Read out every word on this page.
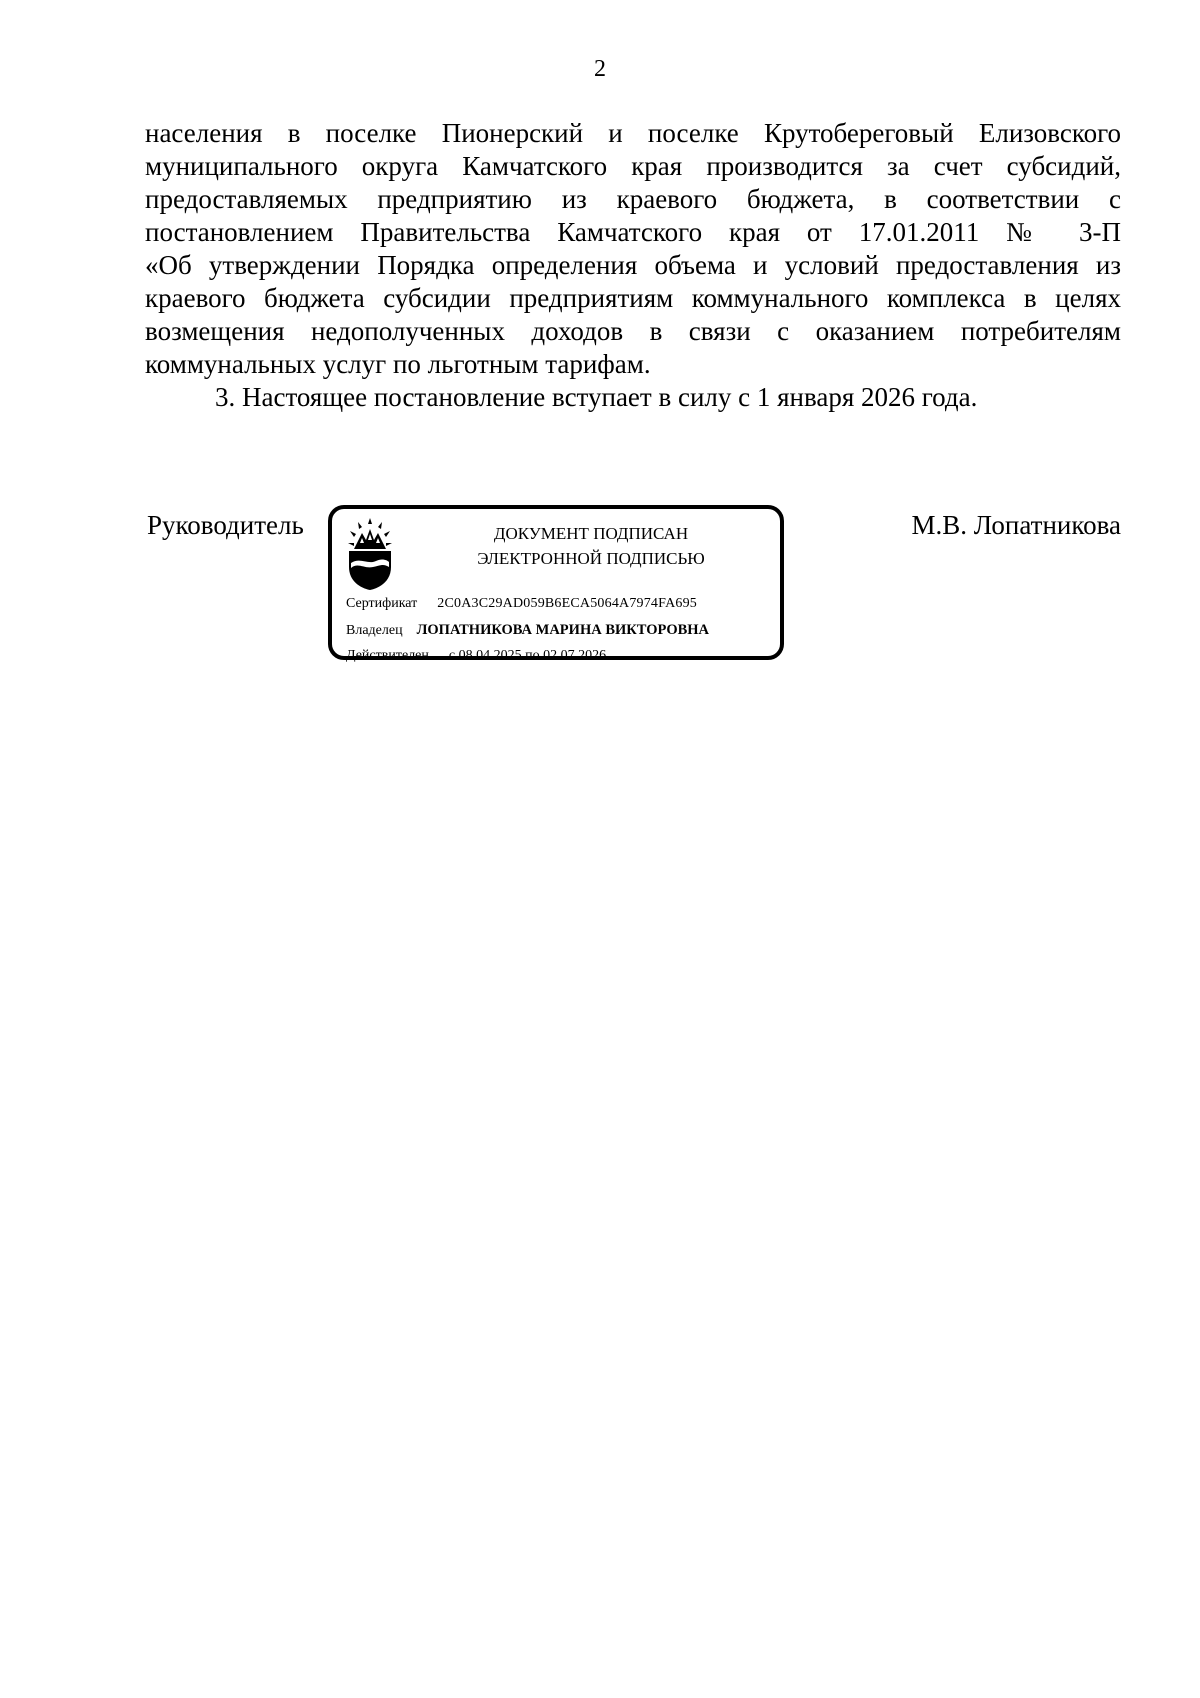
2
населения в поселке Пионерский и поселке Крутобереговый Елизовского
муниципального округа Камчатского края производится за счет субсидий,
предоставляемых предприятию из краевого бюджета, в соответствии с
постановлением Правительства Камчатского края от 17.01.2011 № 3-П
«Об утверждении Порядка определения объема и условий предоставления из
краевого бюджета субсидии предприятиям коммунального комплекса в целях
возмещения недополученных доходов в связи с оказанием потребителям
коммунальных услуг по льготным тарифам.
3. Настоящее постановление вступает в силу с 1 января 2026 года.
Руководитель	ДОКУМЕНТ ПОДПИСАН
ЭЛЕКТРОННОЙ ПОДПИСЬЮ
Сертификат 2C0A3C29AD059B6ECA5064A7974FA695
Владелец ЛОПАТНИКОВА МАРИНА ВИКТОРОВНА
Действителен с 08.04.2025 по 02.07.2026
М.В. Лопатникова
